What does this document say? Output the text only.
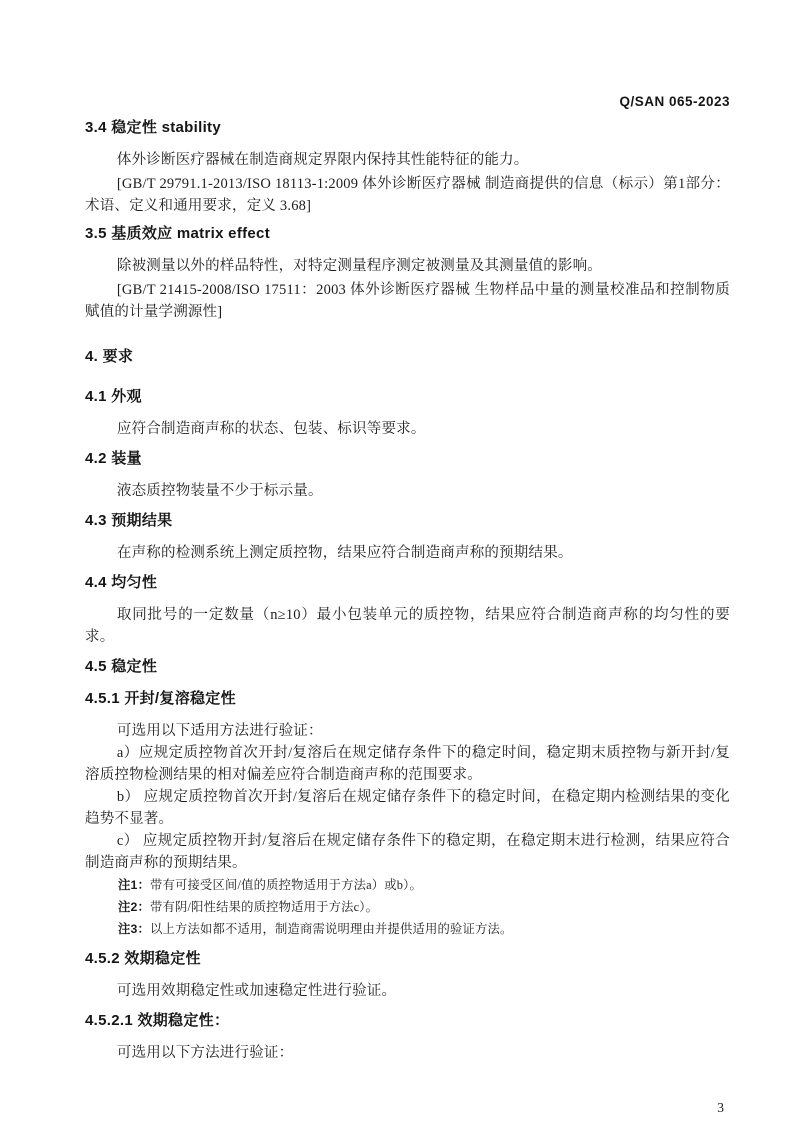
Q/SAN 065-2023
3.4 稳定性 stability

体外诊断医疗器械在制造商规定界限内保持其性能特征的能力。

[GB/T 29791.1-2013/ISO 18113-1:2009 体外诊断医疗器械 制造商提供的信息（标示）第1部分：术语、定义和通用要求，定义 3.68]

3.5 基质效应 matrix effect

除被测量以外的样品特性，对特定测量程序测定被测量及其测量值的影响。

[GB/T 21415-2008/ISO 17511：2003 体外诊断医疗器械 生物样品中量的测量校准品和控制物质赋值的计量学溯源性]

4. 要求
4.1 外观

应符合制造商声称的状态、包装、标识等要求。

4.2 装量

液态质控物装量不少于标示量。

4.3 预期结果

在声称的检测系统上测定质控物，结果应符合制造商声称的预期结果。

4.4 均匀性

取同批号的一定数量（n≥10）最小包装单元的质控物，结果应符合制造商声称的均匀性的要求。

4.5 稳定性
4.5.1 开封/复溶稳定性

可选用以下适用方法进行验证：

a）应规定质控物首次开封/复溶后在规定储存条件下的稳定时间，稳定期末质控物与新开封/复溶质控物检测结果的相对偏差应符合制造商声称的范围要求。

b） 应规定质控物首次开封/复溶后在规定储存条件下的稳定时间，在稳定期内检测结果的变化趋势不显著。

c） 应规定质控物开封/复溶后在规定储存条件下的稳定期，在稳定期末进行检测，结果应符合制造商声称的预期结果。

注1：带有可接受区间/值的质控物适用于方法a）或b）。

注2：带有阴/阳性结果的质控物适用于方法c）。

注3：以上方法如都不适用，制造商需说明理由并提供适用的验证方法。

4.5.2 效期稳定性

可选用效期稳定性或加速稳定性进行验证。

4.5.2.1 效期稳定性：

可选用以下方法进行验证：

3
